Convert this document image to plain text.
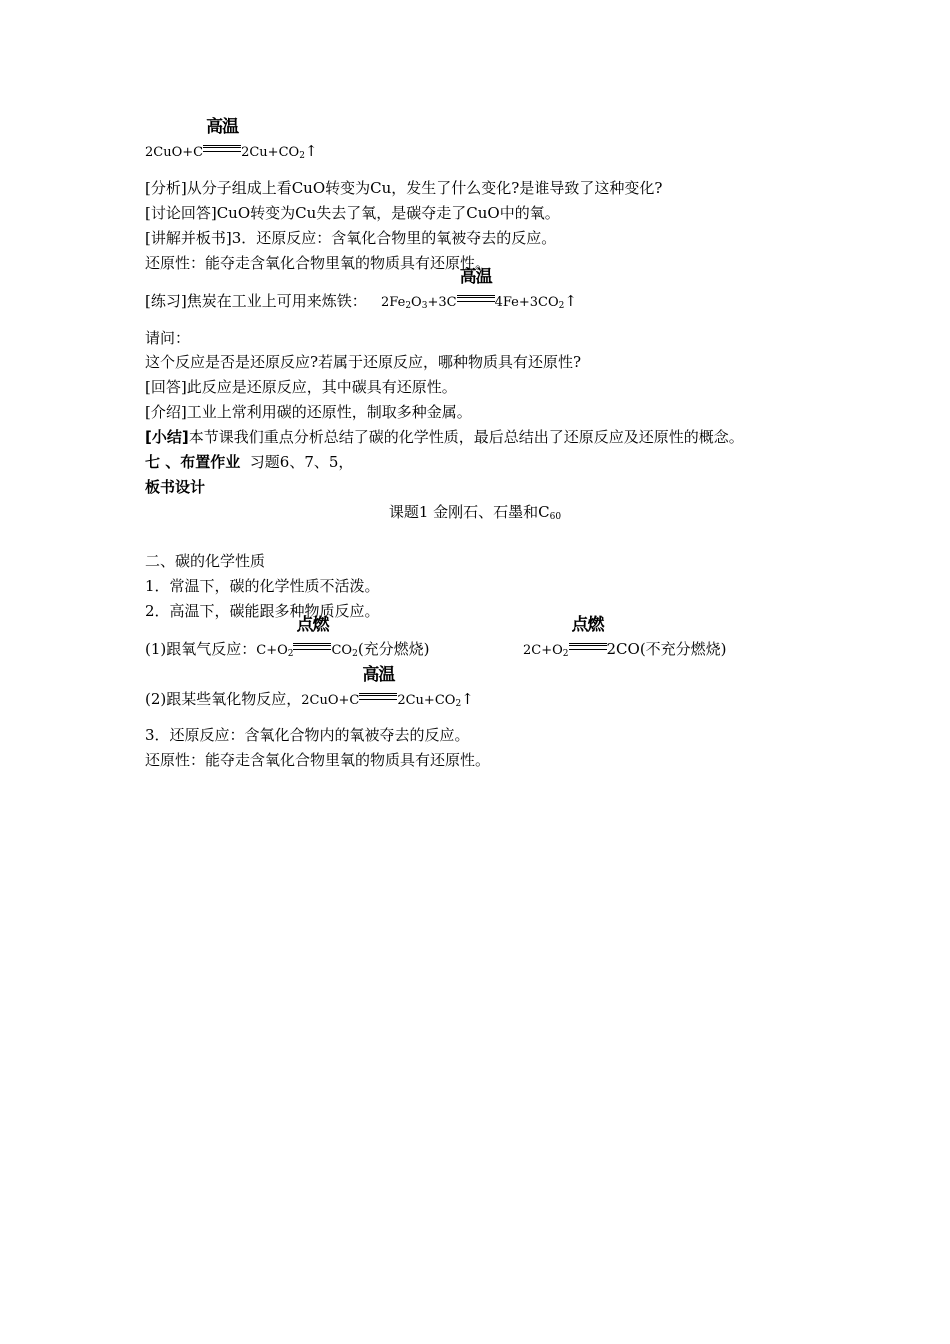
2CuO+C
高温
$2Cu+CO_2↑$
[分析]从分子组成上看CuO转变为Cu，发生了什么变化?是谁导致了这种变化?
[讨论回答]CuO转变为Cu失去了氧，是碳夺走了CuO中的氧。
[讲解并板书]3．还原反应：含氧化合物里的氧被夺去的反应。
还原性：能夺走含氧化合物里氧的物质具有还原性。
[练习]焦炭在工业上可用来炼铁： $2Fe_2O_3+3C$
高温
$4Fe+3CO_2↑$
请问：
这个反应是否是还原反应?若属于还原反应，哪种物质具有还原性?
[回答]此反应是还原反应，其中碳具有还原性。
[介绍]工业上常利用碳的还原性，制取多种金属。
[小结]本节课我们重点分析总结了碳的化学性质，最后总结出了还原反应及还原性的概念。
七 、布置作业 习题6、7、5，
板书设计
课题1 金刚石、石墨和$C_{60}$
二、碳的化学性质
1．常温下，碳的化学性质不活泼。
2．高温下，碳能跟多种物质反应。
(1)跟氧气反应：$C+O_2$
点燃
$CO_2$(充分燃烧)	$2C+O_2$
点燃
2CO(不充分燃烧)
(2)跟某些氧化物反应，2CuO+C
高温
$2Cu+CO_2↑$
3．还原反应：含氧化合物内的氧被夺去的反应。
还原性：能夺走含氧化合物里氧的物质具有还原性。
